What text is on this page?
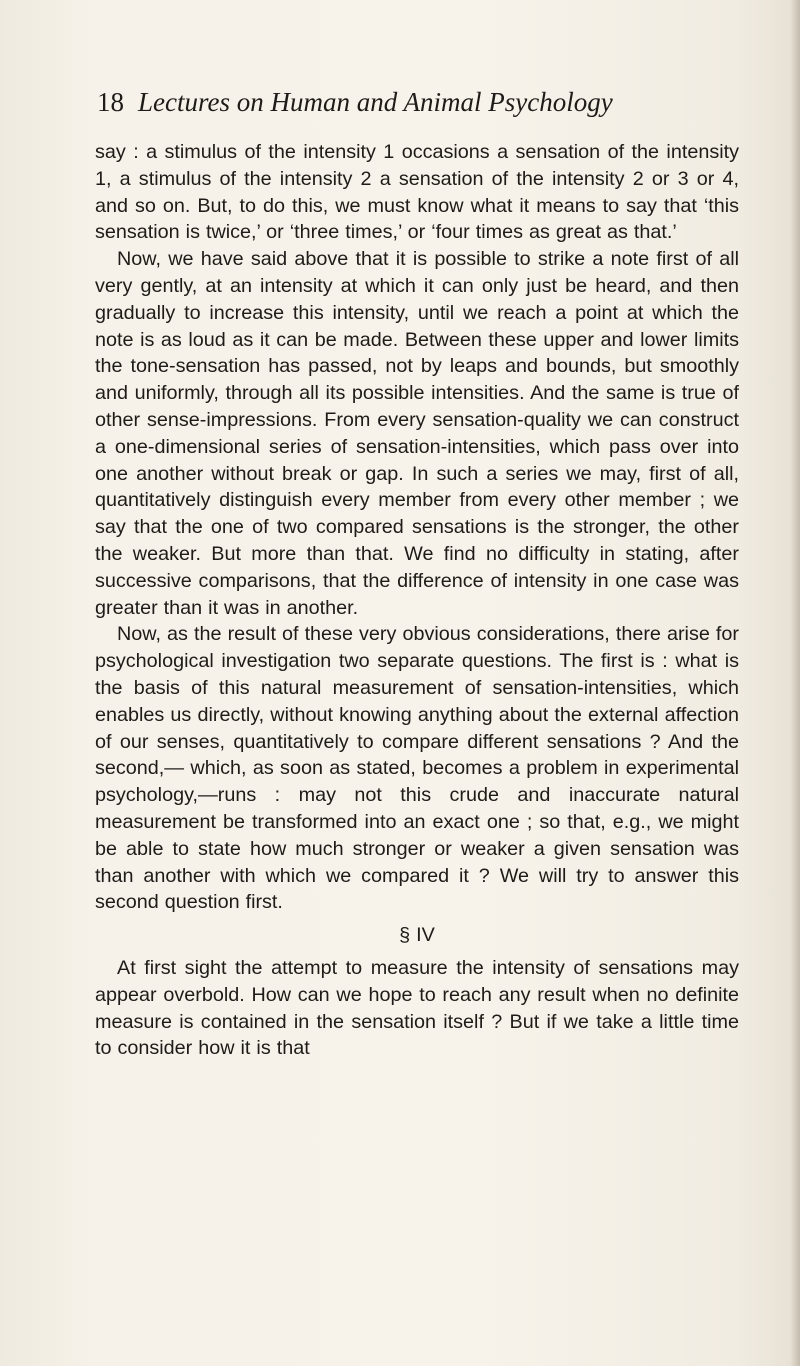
18 Lectures on Human and Animal Psychology

say : a stimulus of the intensity 1 occasions a sensation of the intensity 1, a stimulus of the intensity 2 a sensation of the intensity 2 or 3 or 4, and so on. But, to do this, we must know what it means to say that ‘this sensation is twice,’ or ‘three times,’ or ‘four times as great as that.’

Now, we have said above that it is possible to strike a note first of all very gently, at an intensity at which it can only just be heard, and then gradually to increase this intensity, until we reach a point at which the note is as loud as it can be made. Between these upper and lower limits the tone-sensation has passed, not by leaps and bounds, but smoothly and uniformly, through all its possible intensities. And the same is true of other sense-impressions. From every sensation-quality we can construct a one-dimensional series of sensation-intensities, which pass over into one another without break or gap. In such a series we may, first of all, quantitatively distinguish every member from every other member ; we say that the one of two compared sensations is the stronger, the other the weaker. But more than that. We find no difficulty in stating, after successive comparisons, that the difference of intensity in one case was greater than it was in another.

Now, as the result of these very obvious considerations, there arise for psychological investigation two separate questions. The first is : what is the basis of this natural measurement of sensation-intensities, which enables us directly, without knowing anything about the external affection of our senses, quantitatively to compare different sensations ? And the second,— which, as soon as stated, becomes a problem in experimental psychology,—runs : may not this crude and inaccurate natural measurement be transformed into an exact one ; so that, e.g., we might be able to state how much stronger or weaker a given sensation was than another with which we compared it ? We will try to answer this second question first.

§ IV

At first sight the attempt to measure the intensity of sensations may appear overbold. How can we hope to reach any result when no definite measure is contained in the sensation itself ? But if we take a little time to consider how it is that
